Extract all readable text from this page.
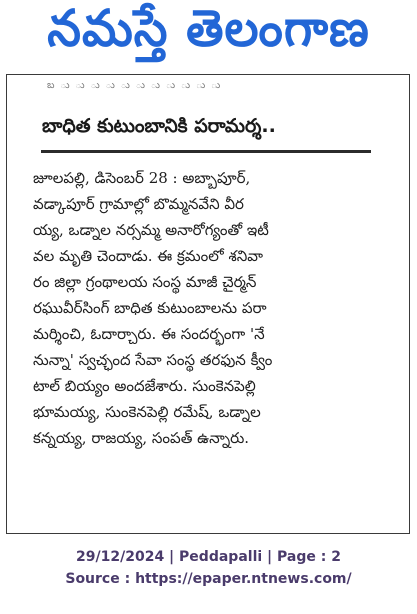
నమస్తే తెలంగాణ
బ ు ు ు ు ు ు ు ు ు ు ు
బాధిత కుటుంబానికి పరామర్శ..
జూలపల్లి, డిసెంబర్ 28 : అబ్బాపూర్,
వడ్కాపూర్ గ్రామాల్లో బొమ్మనవేని వీర
య్య, ఒడ్నాల నర్సమ్మ అనారోగ్యంతో ఇటీ
వల మృతి చెందాడు. ఈ క్రమంలో శనివా
రం జిల్లా గ్రంథాలయ సంస్థ మాజీ చైర్మన్
రఘువీర్‌సింగ్ బాధిత కుటుంబాలను పరా
మర్శించి, ఓదార్చారు. ఈ సందర్భంగా 'నే
నున్నా' స్వచ్ఛంద సేవా సంస్థ తరఫున క్వీం
టాల్ బియ్యం అందజేశారు. సుంకెనపెల్లి
భూమయ్య, సుంకెనపెల్లి రమేష్, ఒడ్నాల
కన్నయ్య, రాజయ్య, సంపత్ ఉన్నారు.
29/12/2024 | Peddapalli | Page : 2
Source : https://epaper.ntnews.com/
